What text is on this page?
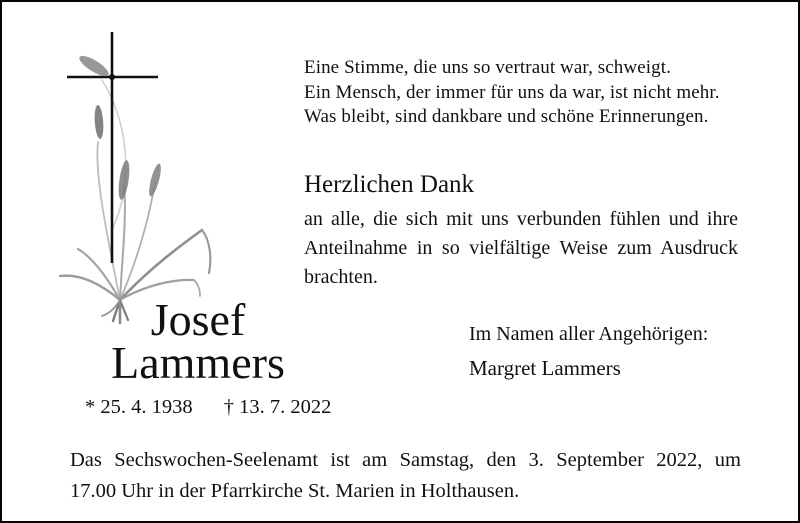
Eine Stimme, die uns so vertraut war, schweigt.
Ein Mensch, der immer für uns da war, ist nicht mehr.
Was bleibt, sind dankbare und schöne Erinnerungen.
Herzlichen Dank
an alle, die sich mit uns verbunden fühlen und ihre
Anteilnahme in so vielfältige Weise zum Ausdruck
brachten.
Josef
Lammers
* 25. 4. 1938 † 13. 7. 2022
Im Namen aller Angehörigen:
Margret Lammers
Das Sechswochen-Seelenamt ist am Samstag, den 3. September 2022, um
17.00 Uhr in der Pfarrkirche St. Marien in Holthausen.
